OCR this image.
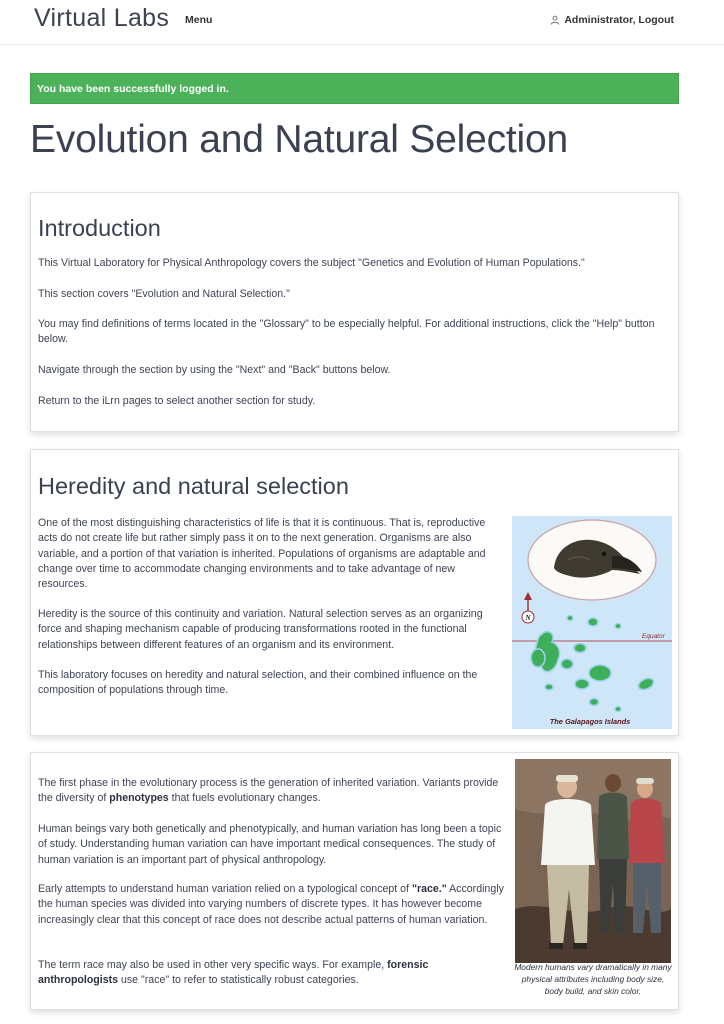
Virtual Labs Menu	Administrator, Logout
You have been successfully logged in.
Evolution and Natural Selection
Introduction

This Virtual Laboratory for Physical Anthropology covers the subject "Genetics and Evolution of Human Populations."

This section covers "Evolution and Natural Selection."

You may find definitions of terms located in the "Glossary" to be especially helpful. For additional instructions, click the "Help" button below.

Navigate through the section by using the "Next" and "Back" buttons below.

Return to the iLrn pages to select another section for study.

Heredity and natural selection

One of the most distinguishing characteristics of life is that it is continuous. That is, reproductive acts do not create life but rather simply pass it on to the next generation. Organisms are also variable, and a portion of that variation is inherited. Populations of organisms are adaptable and change over time to accommodate changing environments and to take advantage of new resources.

Heredity is the source of this continuity and variation. Natural selection serves as an organizing force and shaping mechanism capable of producing transformations rooted in the functional relationships between different features of an organism and its environment.

This laboratory focuses on heredity and natural selection, and their combined influence on the composition of populations through time.

N
Equator
The Galapagos Islands

The first phase in the evolutionary process is the generation of inherited variation. Variants provide the diversity of phenotypes that fuels evolutionary changes.

Human beings vary both genetically and phenotypically, and human variation has long been a topic of study. Understanding human variation can have important medical consequences. The study of human variation is an important part of physical anthropology.

Early attempts to understand human variation relied on a typological concept of "race." Accordingly the human species was divided into varying numbers of discrete types. It has however become increasingly clear that this concept of race does not describe actual patterns of human variation.

The term race may also be used in other very specific ways. For example, forensic anthropologists use "race" to refer to statistically robust categories.

Modern humans vary dramatically in many physical attributes including body size, body build, and skin color.
